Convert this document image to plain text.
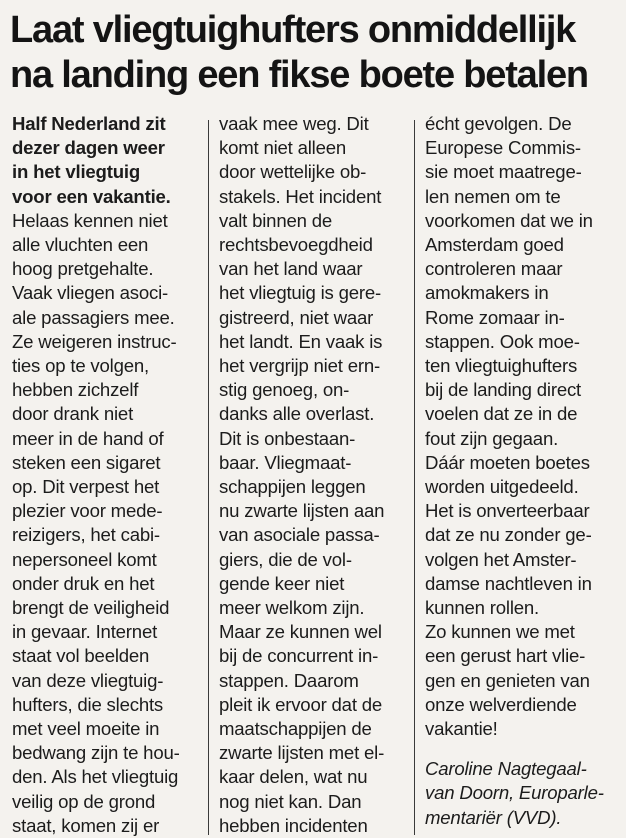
Laat vliegtuighufters onmiddellijk
na landing een fikse boete betalen
Half Nederland zit
dezer dagen weer
in het vliegtuig
voor een vakantie.
Helaas kennen niet
alle vluchten een
hoog pretgehalte.
Vaak vliegen asoci-
ale passagiers mee.
Ze weigeren instruc-
ties op te volgen,
hebben zichzelf
door drank niet
meer in de hand of
steken een sigaret
op. Dit verpest het
plezier voor mede-
reizigers, het cabi-
nepersoneel komt
onder druk en het
brengt de veiligheid
in gevaar. Internet
staat vol beelden
van deze vliegtuig-
hufters, die slechts
met veel moeite in
bedwang zijn te hou-
den. Als het vliegtuig
veilig op de grond
staat, komen zij er
vaak mee weg. Dit
komt niet alleen
door wettelijke ob-
stakels. Het incident
valt binnen de
rechtsbevoegdheid
van het land waar
het vliegtuig is gere-
gistreerd, niet waar
het landt. En vaak is
het vergrijp niet ern-
stig genoeg, on-
danks alle overlast.
Dit is onbestaan-
baar. Vliegmaat-
schappijen leggen
nu zwarte lijsten aan
van asociale passa-
giers, die de vol-
gende keer niet
meer welkom zijn.
Maar ze kunnen wel
bij de concurrent in-
stappen. Daarom
pleit ik ervoor dat de
maatschappijen de
zwarte lijsten met el-
kaar delen, wat nu
nog niet kan. Dan
hebben incidenten
écht gevolgen. De
Europese Commis-
sie moet maatrege-
len nemen om te
voorkomen dat we in
Amsterdam goed
controleren maar
amokmakers in
Rome zomaar in-
stappen. Ook moe-
ten vliegtuighufters
bij de landing direct
voelen dat ze in de
fout zijn gegaan.
Dáár moeten boetes
worden uitgedeeld.
Het is onverteerbaar
dat ze nu zonder ge-
volgen het Amster-
damse nachtleven in
kunnen rollen.
Zo kunnen we met
een gerust hart vlie-
gen en genieten van
onze welverdiende
vakantie!
Caroline Nagtegaal-
van Doorn, Europarle-
mentariër (VVD).
